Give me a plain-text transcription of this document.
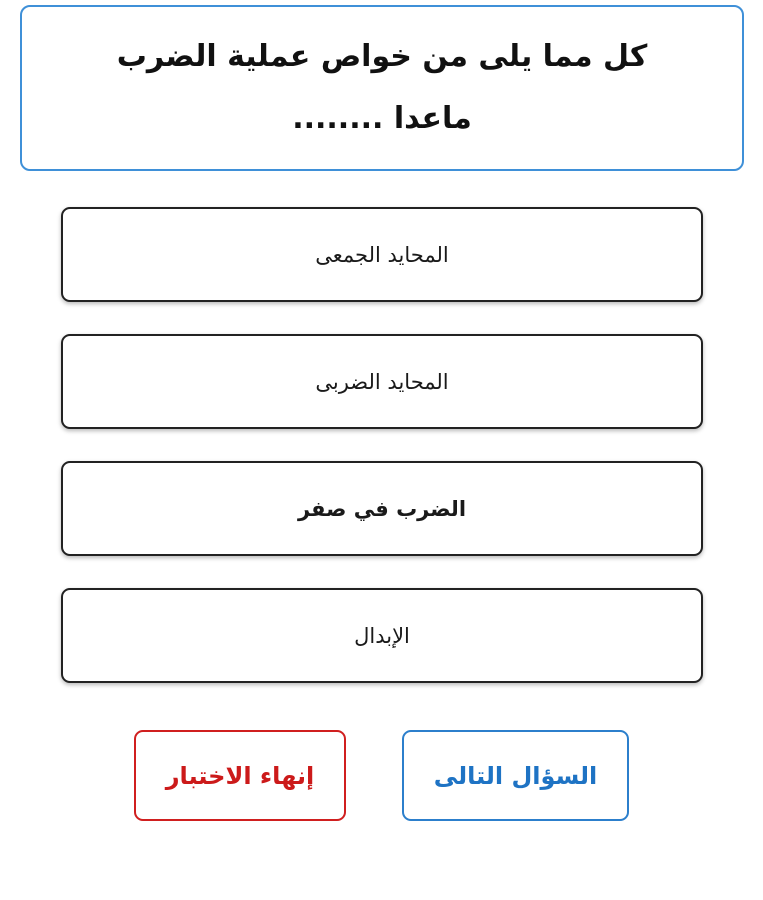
كل مما يلى من خواص عملية الضرب
ماعدا ........
المحايد الجمعى
المحايد الضربى
الضرب في صفر
الإبدال
السؤال التالى
إنهاء الاختبار
